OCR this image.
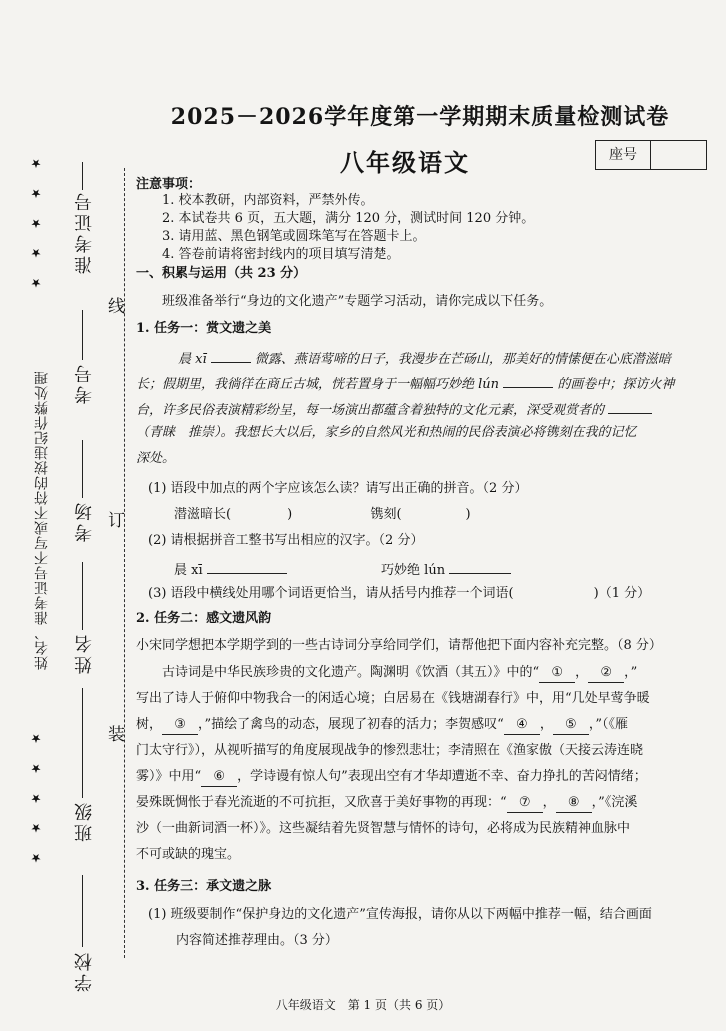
★ ★ ★ ★ ★
★ ★ ★ ★ ★
姓名、准考证号不写或不符的按违纪作弊处理
准考证号
考号
考场
姓名
班级
学校
线
订
装
2025－2026学年度第一学期期末质量检测试卷
八年级语文	座号
注意事项：
1. 校本教研，内部资料，严禁外传。
2. 本试卷共 6 页，五大题，满分 120 分，测试时间 120 分钟。
3. 请用蓝、黑色钢笔或圆珠笔写在答题卡上。
4. 答卷前请将密封线内的项目填写清楚。
一、积累与运用（共 23 分）
班级准备举行“身边的文化遗产”专题学习活动，请你完成以下任务。
1. 任务一：赏文遗之美
晨 xī	微露、燕语莺啼的日子，我漫步在芒砀山，那美好的情愫便在心底潜滋暗
长；假期里，我徜徉在商丘古城，恍若置身于一幅幅巧妙绝 lún	的画卷中；探访火神
台，许多民俗表演精彩纷呈，每一场演出都蕴含着独特的文化元素，深受观赏者的
（青睐　推崇）。我想长大以后，家乡的自然风光和热闹的民俗表演必将镌刻在我的记忆
深处。
(1) 语段中加点的两个字应该怎么读？请写出正确的拼音。（2 分）
潜滋暗长(	)	镌刻(	)
(2) 请根据拼音工整书写出相应的汉字。（2 分）
晨 xī	巧妙绝 lún
(3) 语段中横线处用哪个词语更恰当，请从括号内推荐一个词语(	)（1 分）
2. 任务二：感文遗风韵
小宋同学想把本学期学到的一些古诗词分享给同学们，请帮他把下面内容补充完整。（8 分）
古诗词是中华民族珍贵的文化遗产。陶渊明《饮酒（其五）》中的“ ① ， ② ，”
写出了诗人于俯仰中物我合一的闲适心境；白居易在《钱塘湖春行》中，用“几处早莺争暖
树， ③ ，”描绘了禽鸟的动态，展现了初春的活力；李贺感叹“ ④ ， ⑤ ，”（《雁
门太守行》），从视听描写的角度展现战争的惨烈悲壮；李清照在《渔家傲（天接云涛连晓
雾）》中用“ ⑥ ，学诗谩有惊人句”表现出空有才华却遭逝不幸、奋力挣扎的苦闷情绪；
晏殊既惆怅于春光流逝的不可抗拒，又欣喜于美好事物的再现：“ ⑦ ， ⑧ ，”《浣溪
沙（一曲新词酒一杯）》。这些凝结着先贤智慧与情怀的诗句，必将成为民族精神血脉中
不可或缺的瑰宝。
3. 任务三：承文遗之脉
(1) 班级要制作“保护身边的文化遗产”宣传海报，请你从以下两幅中推荐一幅，结合画面
内容简述推荐理由。（3 分）
八年级语文　第 1 页（共 6 页）
